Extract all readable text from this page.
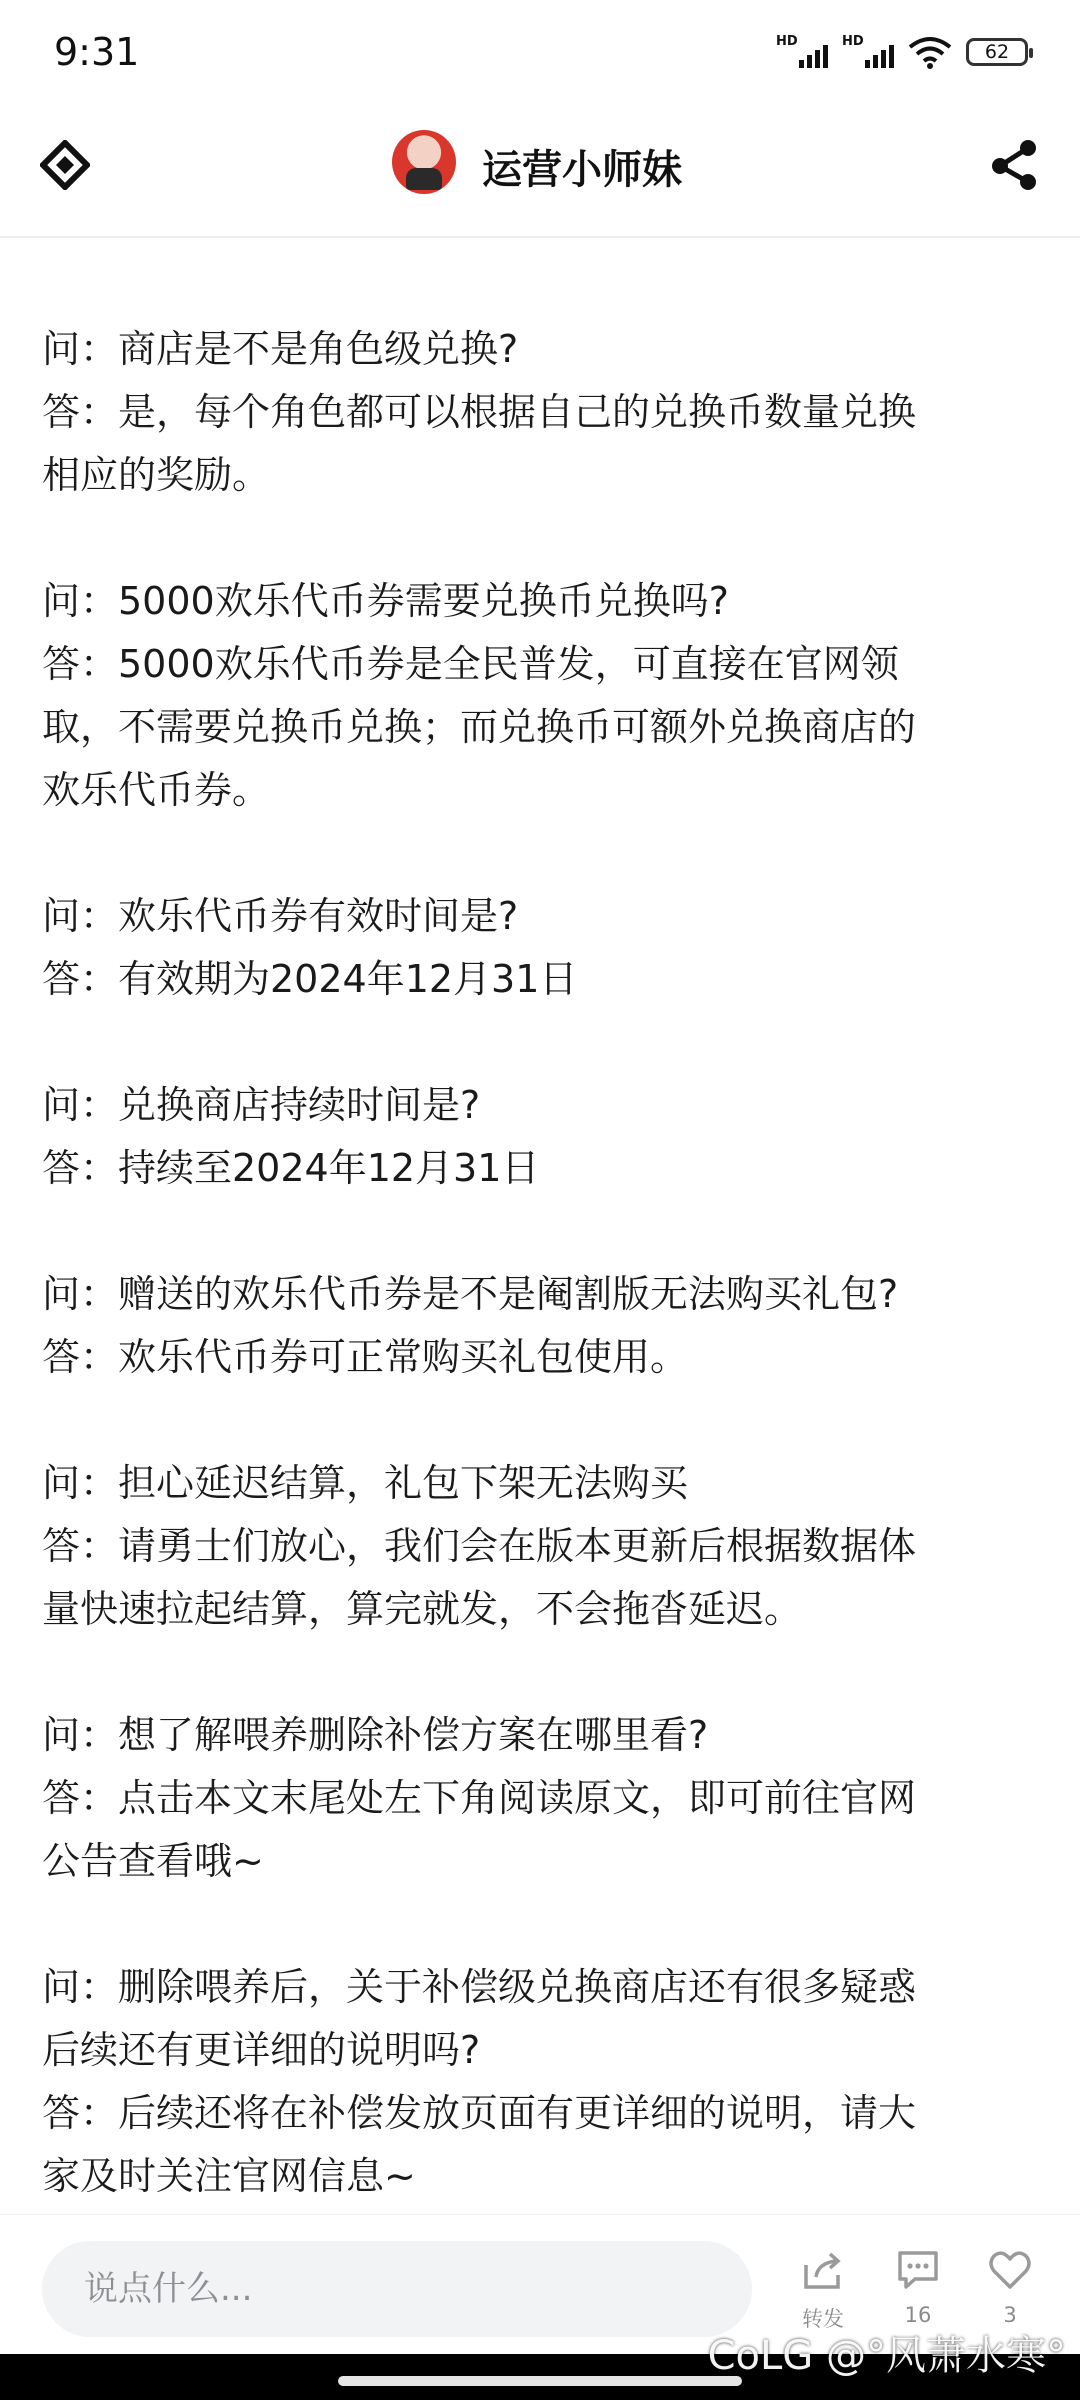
9:31	HD	HD	62
运营小师妹

问：商店是不是角色级兑换?

答：是，每个角色都可以根据自己的兑换币数量兑换

相应的奖励。

问：5000欢乐代币券需要兑换币兑换吗?

答：5000欢乐代币券是全民普发，可直接在官网领

取，不需要兑换币兑换；而兑换币可额外兑换商店的

欢乐代币券。

问：欢乐代币券有效时间是?

答：有效期为2024年12月31日

问：兑换商店持续时间是?

答：持续至2024年12月31日

问：赠送的欢乐代币券是不是阉割版无法购买礼包?

答：欢乐代币券可正常购买礼包使用。

问：担心延迟结算，礼包下架无法购买

答：请勇士们放心，我们会在版本更新后根据数据体

量快速拉起结算，算完就发，不会拖沓延迟。

问：想了解喂养删除补偿方案在哪里看?

答：点击本文末尾处左下角阅读原文，即可前往官网

公告查看哦~

问：删除喂养后，关于补偿级兑换商店还有很多疑惑

后续还有更详细的说明吗?

答：后续还将在补偿发放页面有更详细的说明，请大

家及时关注官网信息~

说点什么...
转发	16	3
CoLG @°风萧水寒°
